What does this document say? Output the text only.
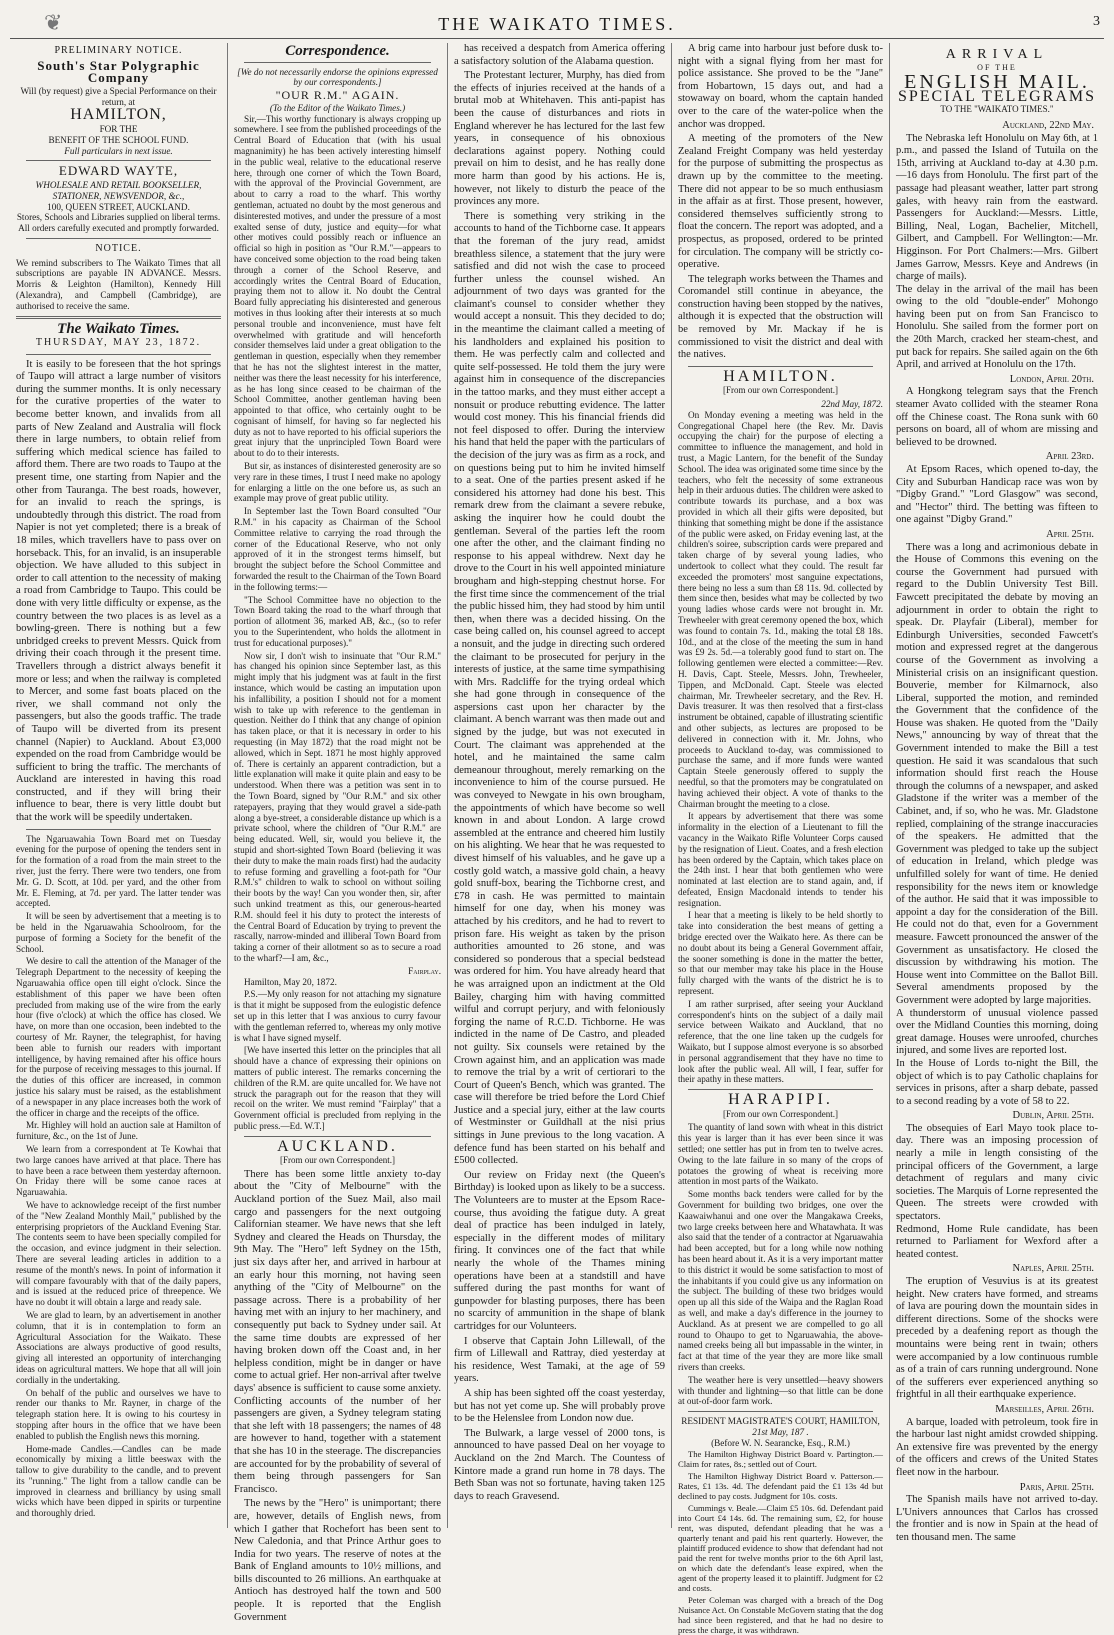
❦	THE WAIKATO TIMES.	3
PRELIMINARY NOTICE.
South's Star Polygraphic Company
Will (by request) give a Special Performance on their return, at
HAMILTON,
FOR THE
BENEFIT OF THE SCHOOL FUND.
Full particulars in next issue.
EDWARD WAYTE,
WHOLESALE AND RETAIL BOOKSELLER, STATIONER, NEWSVENDOR, &c.,
100, QUEEN STREET, AUCKLAND.
Stores, Schools and Libraries supplied on liberal terms.
All orders carefully executed and promptly forwarded.
NOTICE.
We remind subscribers to The Waikato Times that all subscriptions are payable IN ADVANCE. Messrs. Morris & Leighton (Hamilton), Kennedy Hill (Alexandra), and Campbell (Cambridge), are authorised to receive the same.
The Waikato Times.
THURSDAY, MAY 23, 1872.

It is easily to be foreseen that the hot springs of Taupo will attract a large number of visitors during the summer months. It is only necessary for the curative properties of the water to become better known, and invalids from all parts of New Zealand and Australia will flock there in large numbers, to obtain relief from suffering which medical science has failed to afford them. There are two roads to Taupo at the present time, one starting from Napier and the other from Tauranga. The best roads, however, for an invalid to reach the springs, is undoubtedly through this district. The road from Napier is not yet completed; there is a break of 18 miles, which travellers have to pass over on horseback. This, for an invalid, is an insuperable objection. We have alluded to this subject in order to call attention to the necessity of making a road from Cambridge to Taupo. This could be done with very little difficulty or expense, as the country between the two places is as level as a bowling-green. There is nothing but a few unbridged creeks to prevent Messrs. Quick from driving their coach through it the present time. Travellers through a district always benefit it more or less; and when the railway is completed to Mercer, and some fast boats placed on the river, we shall command not only the passengers, but also the goods traffic. The trade of Taupo will be diverted from its present channel (Napier) to Auckland. About £3,000 expended on the road from Cambridge would be sufficient to bring the traffic. The merchants of Auckland are interested in having this road constructed, and if they will bring their influence to bear, there is very little doubt but that the work will be speedily undertaken.

The Ngaruawahia Town Board met on Tuesday evening for the purpose of opening the tenders sent in for the formation of a road from the main street to the river, just the ferry. There were two tenders, one from Mr. G. D. Scott, at 10d. per yard, and the other from Mr. E. Fleming, at 7d. per yard. The latter tender was accepted.

It will be seen by advertisement that a meeting is to be held in the Ngaruawahia Schoolroom, for the purpose of forming a Society for the benefit of the School.

We desire to call the attention of the Manager of the Telegraph Department to the necessity of keeping the Ngaruawahia office open till eight o'clock. Since the establishment of this paper we have been often precluded from making use of the wire from the early hour (five o'clock) at which the office has closed. We have, on more than one occasion, been indebted to the courtesy of Mr. Rayner, the telegraphist, for having been able to furnish our readers with important intelligence, by having remained after his office hours for the purpose of receiving messages to this journal. If the duties of this officer are increased, in common justice his salary must be raised, as the establishment of a newspaper in any place increases both the work of the officer in charge and the receipts of the office.

Mr. Highley will hold an auction sale at Hamilton of furniture, &c., on the 1st of June.

We learn from a correspondent at Te Kowhai that two large canoes have arrived at that place. There has to have been a race between them yesterday afternoon. On Friday there will be some canoe races at Ngaruawahia.

We have to acknowledge receipt of the first number of the "New Zealand Monthly Mail," published by the enterprising proprietors of the Auckland Evening Star. The contents seem to have been specially compiled for the occasion, and evince judgment in their selection. There are several leading articles in addition to a resume of the month's news. In point of information it will compare favourably with that of the daily papers, and is issued at the reduced price of threepence. We have no doubt it will obtain a large and ready sale.

We are glad to learn, by an advertisement in another column, that it is in contemplation to form an Agricultural Association for the Waikato. These Associations are always productive of good results, giving all interested an opportunity of interchanging ideas on agricultural matters. We hope that all will join cordially in the undertaking.

On behalf of the public and ourselves we have to render our thanks to Mr. Rayner, in charge of the telegraph station here. It is owing to his courtesy in stopping after hours in the office that we have been enabled to publish the English news this morning.

Home-made Candles.—Candles can be made economically by mixing a little beeswax with the tallow to give durability to the candle, and to prevent its "running." The light from a tallow candle can be improved in clearness and brilliancy by using small wicks which have been dipped in spirits or turpentine and thoroughly dried.

Correspondence.
[We do not necessarily endorse the opinions expressed by our correspondents.]
"OUR R.M." AGAIN.
(To the Editor of the Waikato Times.)

Sir,—This worthy functionary is always cropping up somewhere. I see from the published proceedings of the Central Board of Education that (with his usual magnanimity) he has been actively interesting himself in the public weal, relative to the educational reserve here, through one corner of which the Town Board, with the approval of the Provincial Government, are about to carry a road to the wharf. This worthy gentleman, actuated no doubt by the most generous and disinterested motives, and under the pressure of a most exalted sense of duty, justice and equity—for what other motives could possibly reach or influence an official so high in position as "Our R.M."—appears to have conceived some objection to the road being taken through a corner of the School Reserve, and accordingly writes the Central Board of Education, praying them not to allow it. No doubt the Central Board fully appreciating his disinterested and generous motives in thus looking after their interests at so much personal trouble and inconvenience, must have felt overwhelmed with gratitude and will henceforth consider themselves laid under a great obligation to the gentleman in question, especially when they remember that he has not the slightest interest in the matter, neither was there the least necessity for his interference, as he has long since ceased to be chairman of the School Committee, another gentleman having been appointed to that office, who certainly ought to be cognisant of himself, for having so far neglected his duty as not to have reported to his official superiors the great injury that the unprincipled Town Board were about to do to their interests.

But sir, as instances of disinterested generosity are so very rare in these times, I trust I need make no apology for enlarging a little on the one before us, as such an example may prove of great public utility.

In September last the Town Board consulted "Our R.M." in his capacity as Chairman of the School Committee relative to carrying the road through the corner of the Educational Reserve, who not only approved of it in the strongest terms himself, but brought the subject before the School Committee and forwarded the result to the Chairman of the Town Board in the following terms:—

"The School Committee have no objection to the Town Board taking the road to the wharf through that portion of allotment 36, marked AB, &c., (so to refer you to the Superintendent, who holds the allotment in trust for educational purposes)."

Now sir, I don't wish to insinuate that "Our R.M." has changed his opinion since September last, as this might imply that his judgment was at fault in the first instance, which would be casting an imputation upon his infallibility, a position I should not for a moment wish to take up with reference to the gentleman in question. Neither do I think that any change of opinion has taken place, or that it is necessary in order to his requesting (in May 1872) that the road might not be allowed, which in Sept. 1871 he most highly approved of. There is certainly an apparent contradiction, but a little explanation will make it quite plain and easy to be understood. When there was a petition was sent in to the Town Board, signed by "Our R.M." and six other ratepayers, praying that they would gravel a side-path along a bye-street, a considerable distance up which is a private school, where the children of "Our R.M." are being educated. Well, sir, would you believe it, the stupid and short-sighted Town Board (believing it was their duty to make the main roads first) had the audacity to refuse forming and gravelling a foot-path for "Our R.M.'s" children to walk to school on without soiling their boots by the way! Can you wonder then, sir, after such unkind treatment as this, our generous-hearted R.M. should feel it his duty to protect the interests of the Central Board of Education by trying to prevent the rascally, narrow-minded and illiberal Town Board from taking a corner of their allotment so as to secure a road to the wharf?—I am, &c.,

Fairplay.

Hamilton, May 20, 1872.

P.S.—My only reason for not attaching my signature is that it might be supposed from the eulogistic defence set up in this letter that I was anxious to curry favour with the gentleman referred to, whereas my only motive is what I have signed myself.

[We have inserted this letter on the principles that all should have a chance of expressing their opinions on matters of public interest. The remarks concerning the children of the R.M. are quite uncalled for. We have not struck the paragraph out for the reason that they will recoil on the writer. We must remind "Fairplay" that a Government official is precluded from replying in the public press.—Ed. W.T.]

AUCKLAND.
[From our own Correspondent.]

There has been some little anxiety to-day about the "City of Melbourne" with the Auckland portion of the Suez Mail, also mail cargo and passengers for the next outgoing Californian steamer. We have news that she left Sydney and cleared the Heads on Thursday, the 9th May. The "Hero" left Sydney on the 15th, just six days after her, and arrived in harbour at an early hour this morning, not having seen anything of the "City of Melbourne" on the passage across. There is a probability of her having met with an injury to her machinery, and consequently put back to Sydney under sail. At the same time doubts are expressed of her having broken down off the Coast and, in her helpless condition, might be in danger or have come to actual grief. Her non-arrival after twelve days' absence is sufficient to cause some anxiety. Conflicting accounts of the number of her passengers are given, a Sydney telegram stating that she left with 18 passengers; the names of 48 are however to hand, together with a statement that she has 10 in the steerage. The discrepancies are accounted for by the probability of several of them being through passengers for San Francisco.

The news by the "Hero" is unimportant; there are, however, details of English news, from which I gather that Rochefort has been sent to New Caledonia, and that Prince Arthur goes to India for two years. The reserve of notes at the Bank of England amounts to 10½ millions, and bills discounted to 26 millions. An earthquake at Antioch has destroyed half the town and 500 people. It is reported that the English Government

has received a despatch from America offering a satisfactory solution of the Alabama question.

The Protestant lecturer, Murphy, has died from the effects of injuries received at the hands of a brutal mob at Whitehaven. This anti-papist has been the cause of disturbances and riots in England wherever he has lectured for the last few years, in consequence of his obnoxious declarations against popery. Nothing could prevail on him to desist, and he has really done more harm than good by his actions. He is, however, not likely to disturb the peace of the provinces any more.

There is something very striking in the accounts to hand of the Tichborne case. It appears that the foreman of the jury read, amidst breathless silence, a statement that the jury were satisfied and did not wish the case to proceed further unless the counsel wished. An adjournment of two days was granted for the claimant's counsel to consider whether they would accept a nonsuit. This they decided to do; in the meantime the claimant called a meeting of his landholders and explained his position to them. He was perfectly calm and collected and quite self-possessed. He told them the jury were against him in consequence of the discrepancies in the tattoo marks, and they must either accept a nonsuit or produce rebutting evidence. The latter would cost money. This his financial friends did not feel disposed to offer. During the interview his hand that held the paper with the particulars of the decision of the jury was as firm as a rock, and on questions being put to him he invited himself to a seat. One of the parties present asked if he considered his attorney had done his best. This remark drew from the claimant a severe rebuke, asking the inquirer how he could doubt the gentleman. Several of the parties left the room one after the other, and the claimant finding no response to his appeal withdrew. Next day he drove to the Court in his well appointed miniature brougham and high-stepping chestnut horse. For the first time since the commencement of the trial the public hissed him, they had stood by him until then, when there was a decided hissing. On the case being called on, his counsel agreed to accept a nonsuit, and the judge in directing such ordered the claimant to be prosecuted for perjury in the interests of justice, at the same time sympathising with Mrs. Radcliffe for the trying ordeal which she had gone through in consequence of the aspersions cast upon her character by the claimant. A bench warrant was then made out and signed by the judge, but was not executed in Court. The claimant was apprehended at the hotel, and he maintained the same calm demeanour throughout, merely remarking on the inconvenience to him of the course pursued. He was conveyed to Newgate in his own brougham, the appointments of which have become so well known in and about London. A large crowd assembled at the entrance and cheered him lustily on his alighting. We hear that he was requested to divest himself of his valuables, and he gave up a costly gold watch, a massive gold chain, a heavy gold snuff-box, bearing the Tichborne crest, and £78 in cash. He was permitted to maintain himself for one day, when his money was attached by his creditors, and he had to revert to prison fare. His weight as taken by the prison authorities amounted to 26 stone, and was considered so ponderous that a special bedstead was ordered for him. You have already heard that he was arraigned upon an indictment at the Old Bailey, charging him with having committed wilful and corrupt perjury, and with feloniously forging the name of R.C.D. Tichborne. He was indicted in the name of De Castro, and pleaded not guilty. Six counsels were retained by the Crown against him, and an application was made to remove the trial by a writ of certiorari to the Court of Queen's Bench, which was granted. The case will therefore be tried before the Lord Chief Justice and a special jury, either at the law courts of Westminster or Guildhall at the nisi prius sittings in June previous to the long vacation. A defence fund has been started on his behalf and £500 collected.

Our review on Friday next (the Queen's Birthday) is looked upon as likely to be a success. The Volunteers are to muster at the Epsom Race-course, thus avoiding the fatigue duty. A great deal of practice has been indulged in lately, especially in the different modes of military firing. It convinces one of the fact that while nearly the whole of the Thames mining operations have been at a standstill and have suffered during the past months for want of gunpowder for blasting purposes, there has been no scarcity of ammunition in the shape of blank cartridges for our Volunteers.

I observe that Captain John Lillewall, of the firm of Lillewall and Rattray, died yesterday at his residence, West Tamaki, at the age of 59 years.

A ship has been sighted off the coast yesterday, but has not yet come up. She will probably prove to be the Helenslee from London now due.

The Bulwark, a large vessel of 2000 tons, is announced to have passed Deal on her voyage to Auckland on the 2nd March. The Countess of Kintore made a grand run home in 78 days. The Beth Sban was not so fortunate, having taken 125 days to reach Gravesend.

A brig came into harbour just before dusk to-night with a signal flying from her mast for police assistance. She proved to be the "Jane" from Hobartown, 15 days out, and had a stowaway on board, whom the captain handed over to the care of the water-police when the anchor was dropped.

A meeting of the promoters of the New Zealand Freight Company was held yesterday for the purpose of submitting the prospectus as drawn up by the committee to the meeting. There did not appear to be so much enthusiasm in the affair as at first. Those present, however, considered themselves sufficiently strong to float the concern. The report was adopted, and a prospectus, as proposed, ordered to be printed for circulation. The company will be strictly co-operative.

The telegraph works between the Thames and Coromandel still continue in abeyance, the construction having been stopped by the natives, although it is expected that the obstruction will be removed by Mr. Mackay if he is commissioned to visit the district and deal with the natives.

HAMILTON.
[From our own Correspondent.]
22nd May, 1872.

On Monday evening a meeting was held in the Congregational Chapel here (the Rev. Mr. Davis occupying the chair) for the purpose of electing a committee to influence the management, and hold in trust, a Magic Lantern, for the benefit of the Sunday School. The idea was originated some time since by the teachers, who felt the necessity of some extraneous help in their arduous duties. The children were asked to contribute towards its purchase, and a box was provided in which all their gifts were deposited, but thinking that something might be done if the assistance of the public were asked, on Friday evening last, at the children's soiree, subscription cards were prepared and taken charge of by several young ladies, who undertook to collect what they could. The result far exceeded the promoters' most sanguine expectations, there being no less a sum than £8 11s. 9d. collected by them since then, besides what may be collected by two young ladies whose cards were not brought in. Mr. Trewheeler with great ceremony opened the box, which was found to contain 7s. 1d., making the total £8 18s. 10d., and at the close of the meeting the sum in hand was £9 2s. 5d.—a tolerably good fund to start on. The following gentlemen were elected a committee:—Rev. H. Davis, Capt. Steele, Messrs. John, Trewheeler, Tippen, and McDonald. Capt. Steele was elected chairman, Mr. Trewheeler secretary, and the Rev. H. Davis treasurer. It was then resolved that a first-class instrument be obtained, capable of illustrating scientific and other subjects, as lectures are proposed to be delivered in connection with it. Mr. Johns, who proceeds to Auckland to-day, was commissioned to purchase the same, and if more funds were wanted Captain Steele generously offered to supply the needful, so that the promoters may be congratulated on having achieved their object. A vote of thanks to the Chairman brought the meeting to a close.

It appears by advertisement that there was some informality in the election of a Lieutenant to fill the vacancy in the Waikato Rifle Volunteer Corps caused by the resignation of Lieut. Coates, and a fresh election has been ordered by the Captain, which takes place on the 24th inst. I hear that both gentlemen who were nominated at last election are to stand again, and, if defeated, Ensign Macdonald intends to tender his resignation.

I hear that a meeting is likely to be held shortly to take into consideration the best means of getting a bridge erected over the Waikato here. As there can be no doubt about its being a General Government affair, the sooner something is done in the matter the better, so that our member may take his place in the House fully charged with the wants of the district he is to represent.

I am rather surprised, after seeing your Auckland correspondent's hints on the subject of a daily mail service between Waikato and Auckland, that no reference, that the one line taken up the cudgels for Waikato, but I suppose almost everyone is so absorbed in personal aggrandisement that they have no time to look after the public weal. All will, I fear, suffer for their apathy in these matters.

HARAPIPI.
[From our own Correspondent.]

The quantity of land sown with wheat in this district this year is larger than it has ever been since it was settled; one settler has put in from ten to twelve acres. Owing to the late failure in so many of the crops of potatoes the growing of wheat is receiving more attention in most parts of the Waikato.

Some months back tenders were called for by the Government for building two bridges, one over the Kaawaiwhanui and one over the Mangakawa Creeks, two large creeks between here and Whatawhata. It was also said that the tender of a contractor at Ngaruawahia had been accepted, but for a long while now nothing has been heard about it. As it is a very important matter to this district it would be some satisfaction to most of the inhabitants if you could give us any information on the subject. The building of these two bridges would open up all this side of the Waipa and the Raglan Road as well, and make a day's difference in the journey to Auckland. As at present we are compelled to go all round to Ohaupo to get to Ngaruawahia, the above-named creeks being all but impassable in the winter, in fact at that time of the year they are more like small rivers than creeks.

The weather here is very unsettled—heavy showers with thunder and lightning—so that little can be done at out-of-door farm work.

RESIDENT MAGISTRATE'S COURT, HAMILTON,
21st May, 187 .
(Before W. N. Searancke, Esq., R.M.)

The Hamilton Highway District Board v. Partington.—Claim for rates, 8s.; settled out of Court.

The Hamilton Highway District Board v. Patterson.—Rates, £1 13s. 4d. The defendant paid the £1 13s 4d but declined to pay costs. Judgment for 10s. costs.

Cummings v. Beale.—Claim £5 10s. 6d. Defendant paid into Court £4 14s. 6d. The remaining sum, £2, for house rent, was disputed, defendant pleading that he was a quarterly tenant and paid his rent quarterly. However, the plaintiff produced evidence to show that defendant had not paid the rent for twelve months prior to the 6th April last, on which date the defendant's lease expired, when the agent of the property leased it to plaintiff. Judgment for £2 and costs.

Peter Coleman was charged with a breach of the Dog Nuisance Act. On Constable McGovern stating that the dog had since been registered, and that he had no desire to press the charge, it was withdrawn.

ARRIVAL
OF THE
ENGLISH MAIL.
SPECIAL TELEGRAMS
TO THE "WAIKATO TIMES."
Auckland, 22nd May.

The Nebraska left Honolulu on May 6th, at 1 p.m., and passed the Island of Tutuila on the 15th, arriving at Auckland to-day at 4.30 p.m.—16 days from Honolulu. The first part of the passage had pleasant weather, latter part strong gales, with heavy rain from the eastward. Passengers for Auckland:—Messrs. Little, Billing, Neal, Logan, Bachelier, Mitchell, Gilbert, and Campbell. For Wellington:—Mr. Higginson. For Port Chalmers:—Mrs. Gilbert James Garrow, Messrs. Keye and Andrews (in charge of mails).
The delay in the arrival of the mail has been owing to the old "double-ender" Mohongo having been put on from San Francisco to Honolulu. She sailed from the former port on the 20th March, cracked her steam-chest, and put back for repairs. She sailed again on the 6th April, and arrived at Honolulu on the 17th.

London, April 20th.

A Hongkong telegram says that the French steamer Avato collided with the steamer Rona off the Chinese coast. The Rona sunk with 60 persons on board, all of whom are missing and believed to be drowned.

April 23rd.

At Epsom Races, which opened to-day, the City and Suburban Handicap race was won by "Digby Grand." "Lord Glasgow" was second, and "Hector" third. The betting was fifteen to one against "Digby Grand."

April 25th.

There was a long and acrimonious debate in the House of Commons this evening on the course the Government had pursued with regard to the Dublin University Test Bill. Fawcett precipitated the debate by moving an adjournment in order to obtain the right to speak. Dr. Playfair (Liberal), member for Edinburgh Universities, seconded Fawcett's motion and expressed regret at the dangerous course of the Government as involving a Ministerial crisis on an insignificant question. Bouverie, member for Kilmarnock, also Liberal, supported the motion, and reminded the Government that the confidence of the House was shaken. He quoted from the "Daily News," announcing by way of threat that the Government intended to make the Bill a test question. He said it was scandalous that such information should first reach the House through the columns of a newspaper, and asked Gladstone if the writer was a member of the Cabinet, and, if so, who he was. Mr. Gladstone replied, complaining of the strange inaccuracies of the speakers. He admitted that the Government was pledged to take up the subject of education in Ireland, which pledge was unfulfilled solely for want of time. He denied responsibility for the news item or knowledge of the author. He said that it was impossible to appoint a day for the consideration of the Bill. He could not do that, even for a Government measure. Fawcett pronounced the answer of the Government as unsatisfactory. He closed the discussion by withdrawing his motion. The House went into Committee on the Ballot Bill. Several amendments proposed by the Government were adopted by large majorities.
A thunderstorm of unusual violence passed over the Midland Counties this morning, doing great damage. Houses were unroofed, churches injured, and some lives are reported lost.
In the House of Lords to-night the Bill, the object of which is to pay Catholic chaplains for services in prisons, after a sharp debate, passed to a second reading by a vote of 58 to 22.

Dublin, April 25th.

The obsequies of Earl Mayo took place to-day. There was an imposing procession of nearly a mile in length consisting of the principal officers of the Government, a large detachment of regulars and many civic societies. The Marquis of Lorne represented the Queen. The streets were crowded with spectators.
Redmond, Home Rule candidate, has been returned to Parliament for Wexford after a heated contest.

Naples, April 25th.

The eruption of Vesuvius is at its greatest height. New craters have formed, and streams of lava are pouring down the mountain sides in different directions. Some of the shocks were preceded by a deafening report as though the mountains were being rent in twain; others were accompanied by a low continuous rumble as of a train of cars running underground. None of the sufferers ever experienced anything so frightful in all their earthquake experience.

Marseilles, April 26th.

A barque, loaded with petroleum, took fire in the harbour last night amidst crowded shipping. An extensive fire was prevented by the energy of the officers and crews of the United States fleet now in the harbour.

Paris, April 25th.

The Spanish mails have not arrived to-day. L'Univers announces that Carlos has crossed the frontier and is now in Spain at the head of ten thousand men. The same
